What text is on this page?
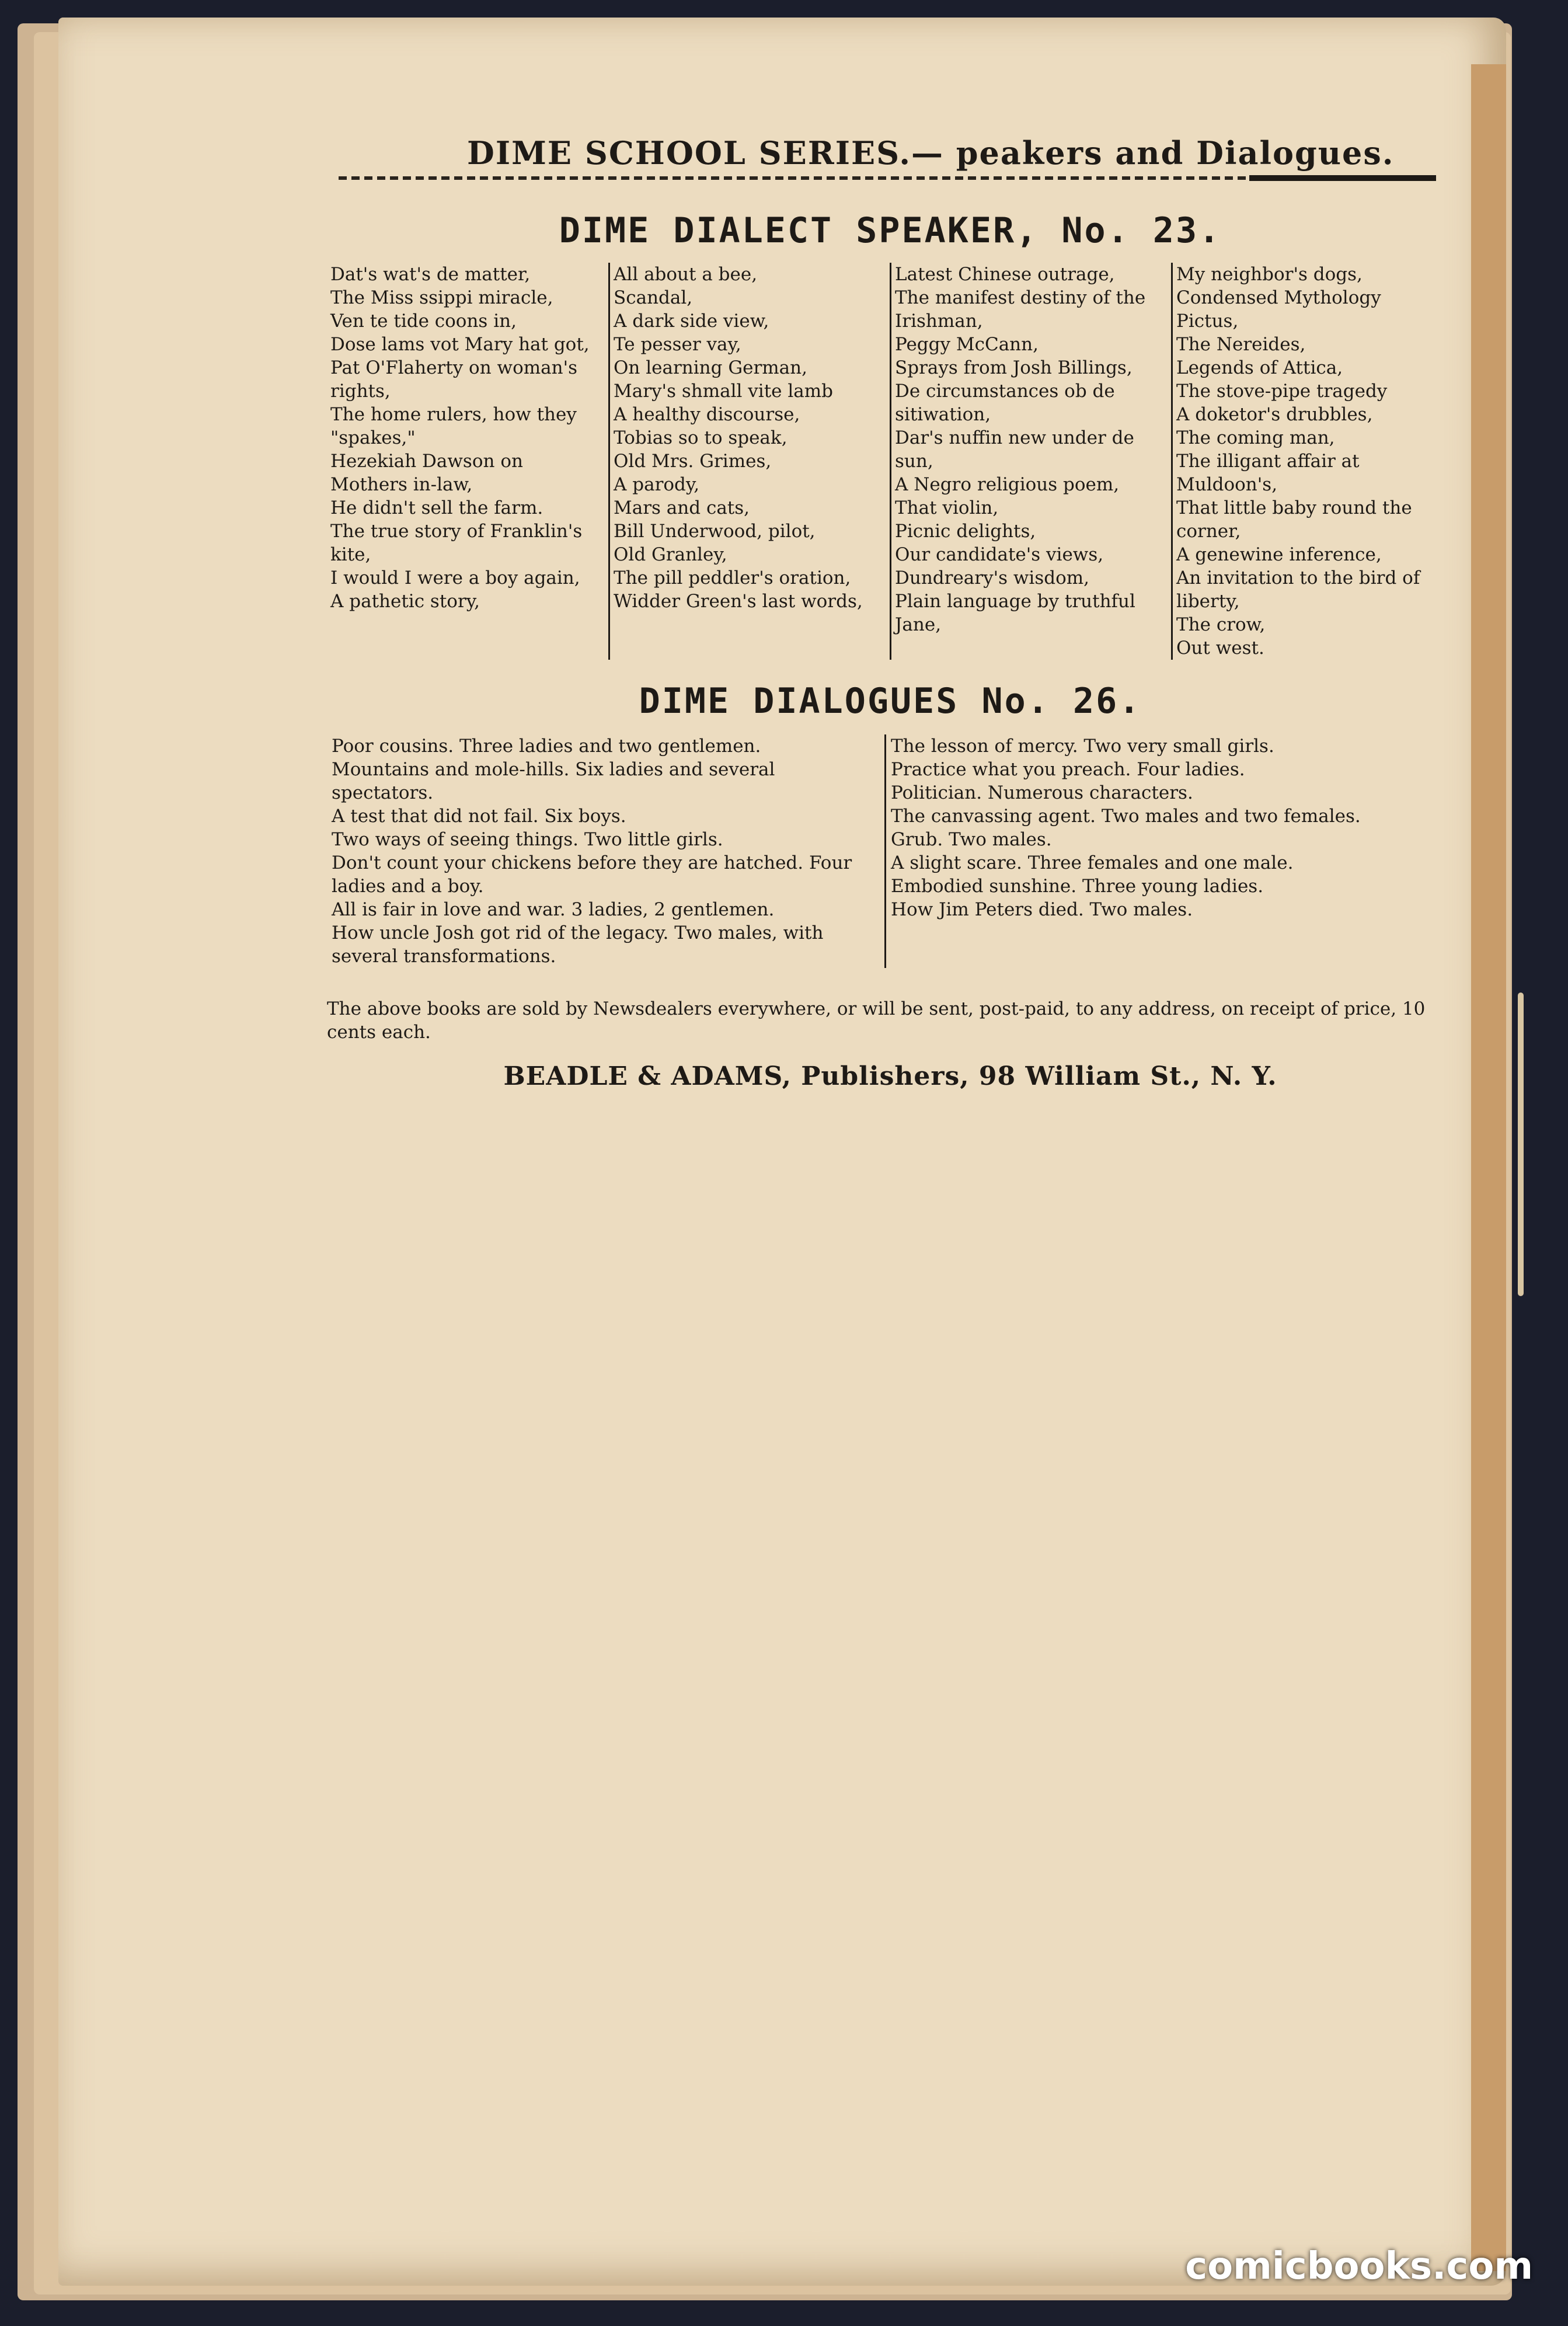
DIME SCHOOL SERIES.— peakers and Dialogues.
DIME DIALECT SPEAKER, No. 23.
Dat's wat's de matter,
The Miss ssippi miracle,
Ven te tide coons in,
Dose lams vot Mary hat got,
Pat O'Flaherty on woman's rights,
The home rulers, how they "spakes,"
Hezekiah Dawson on Mothers in-law,
He didn't sell the farm.
The true story of Franklin's kite,
I would I were a boy again,
A pathetic story,
All about a bee,
Scandal,
A dark side view,
Te pesser vay,
On learning German,
Mary's shmall vite lamb
A healthy discourse,
Tobias so to speak,
Old Mrs. Grimes,
A parody,
Mars and cats,
Bill Underwood, pilot,
Old Granley,
The pill peddler's oration,
Widder Green's last words,
Latest Chinese outrage,
The manifest destiny of the Irishman,
Peggy McCann,
Sprays from Josh Billings,
De circumstances ob de sitiwation,
Dar's nuffin new under de sun,
A Negro religious poem,
That violin,
Picnic delights,
Our candidate's views,
Dundreary's wisdom,
Plain language by truthful Jane,
My neighbor's dogs,
Condensed Mythology
Pictus,
The Nereides,
Legends of Attica,
The stove-pipe tragedy
A doketor's drubbles,
The coming man,
The illigant affair at Muldoon's,
That little baby round the corner,
A genewine inference,
An invitation to the bird of liberty,
The crow,
Out west.
DIME DIALOGUES No. 26.
Poor cousins. Three ladies and two gentlemen.
Mountains and mole-hills. Six ladies and several spectators.
A test that did not fail. Six boys.
Two ways of seeing things. Two little girls.
Don't count your chickens before they are hatched. Four ladies and a boy.
All is fair in love and war. 3 ladies, 2 gentlemen.
How uncle Josh got rid of the legacy. Two males, with several transformations.
The lesson of mercy. Two very small girls.
Practice what you preach. Four ladies.
Politician. Numerous characters.
The canvassing agent. Two males and two females.
Grub. Two males.
A slight scare. Three females and one male.
Embodied sunshine. Three young ladies.
How Jim Peters died. Two males.
The above books are sold by Newsdealers everywhere, or will be sent, post-paid, to any address, on receipt of price, 10 cents each.
BEADLE & ADAMS, Publishers, 98 William St., N. Y.
comicbooks.com
